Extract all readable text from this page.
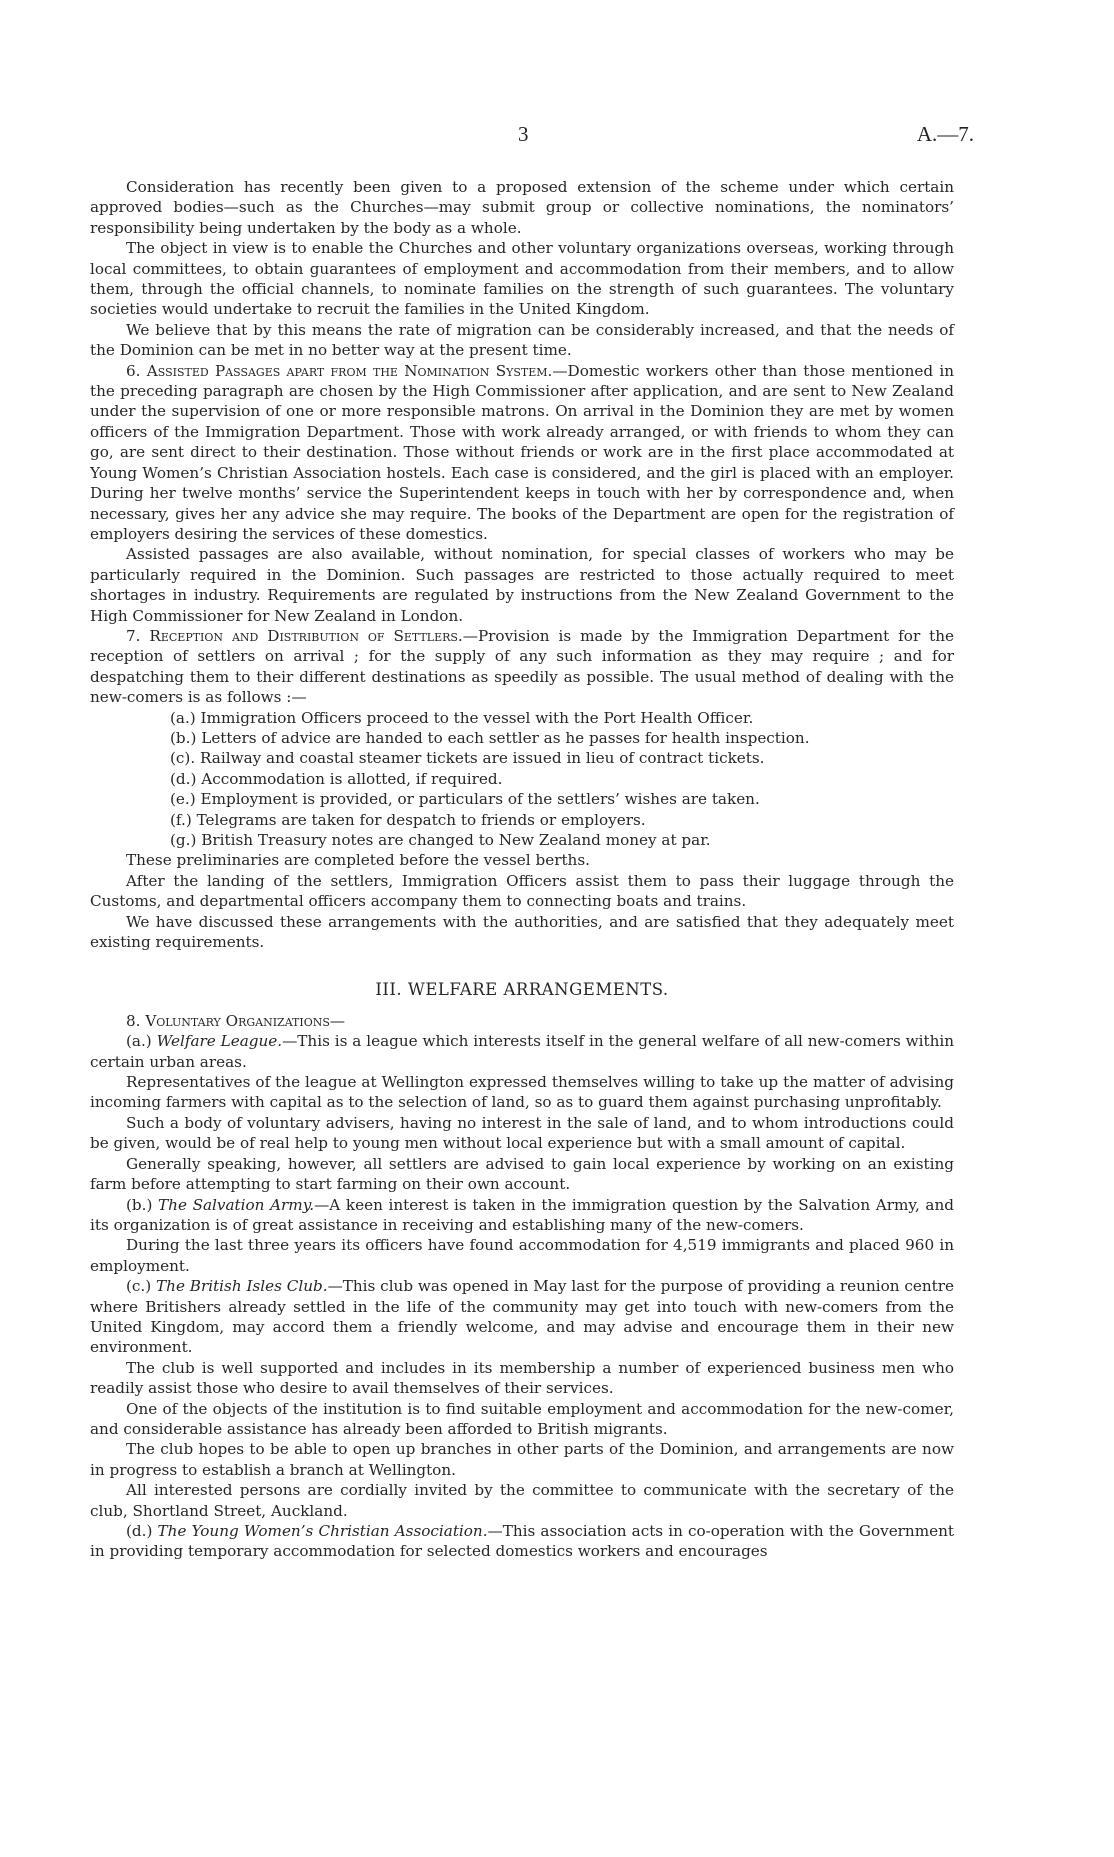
3	A.—7.

Consideration has recently been given to a proposed extension of the scheme under which certain approved bodies—such as the Churches—may submit group or collective nominations, the nominators’ responsibility being undertaken by the body as a whole.

The object in view is to enable the Churches and other voluntary organizations overseas, working through local committees, to obtain guarantees of employment and accommodation from their members, and to allow them, through the official channels, to nominate families on the strength of such guarantees. The voluntary societies would undertake to recruit the families in the United Kingdom.

We believe that by this means the rate of migration can be considerably increased, and that the needs of the Dominion can be met in no better way at the present time.

6. Assisted Passages apart from the Nomination System.—Domestic workers other than those mentioned in the preceding paragraph are chosen by the High Commissioner after application, and are sent to New Zealand under the supervision of one or more responsible matrons. On arrival in the Dominion they are met by women officers of the Immigration Department. Those with work already arranged, or with friends to whom they can go, are sent direct to their destination. Those without friends or work are in the first place accommodated at Young Women’s Christian Association hostels. Each case is considered, and the girl is placed with an employer. During her twelve months’ service the Superintendent keeps in touch with her by correspondence and, when necessary, gives her any advice she may require. The books of the Department are open for the registration of employers desiring the services of these domestics.

Assisted passages are also available, without nomination, for special classes of workers who may be particularly required in the Dominion. Such passages are restricted to those actually required to meet shortages in industry. Requirements are regulated by instructions from the New Zealand Government to the High Commissioner for New Zealand in London.

7. Reception and Distribution of Settlers.—Provision is made by the Immigration Department for the reception of settlers on arrival ; for the supply of any such information as they may require ; and for despatching them to their different destinations as speedily as possible. The usual method of dealing with the new-comers is as follows :—

(a.) Immigration Officers proceed to the vessel with the Port Health Officer.

(b.) Letters of advice are handed to each settler as he passes for health inspection.

(c). Railway and coastal steamer tickets are issued in lieu of contract tickets.

(d.) Accommodation is allotted, if required.

(e.) Employment is provided, or particulars of the settlers’ wishes are taken.

(f.) Telegrams are taken for despatch to friends or employers.

(g.) British Treasury notes are changed to New Zealand money at par.

These preliminaries are completed before the vessel berths.

After the landing of the settlers, Immigration Officers assist them to pass their luggage through the Customs, and departmental officers accompany them to connecting boats and trains.

We have discussed these arrangements with the authorities, and are satisfied that they adequately meet existing requirements.

III. WELFARE ARRANGEMENTS.

8. Voluntary Organizations—

(a.) Welfare League.—This is a league which interests itself in the general welfare of all new-comers within certain urban areas.

Representatives of the league at Wellington expressed themselves willing to take up the matter of advising incoming farmers with capital as to the selection of land, so as to guard them against purchasing unprofitably.

Such a body of voluntary advisers, having no interest in the sale of land, and to whom introductions could be given, would be of real help to young men without local experience but with a small amount of capital.

Generally speaking, however, all settlers are advised to gain local experience by working on an existing farm before attempting to start farming on their own account.

(b.) The Salvation Army.—A keen interest is taken in the immigration question by the Salvation Army, and its organization is of great assistance in receiving and establishing many of the new-comers.

During the last three years its officers have found accommodation for 4,519 immigrants and placed 960 in employment.

(c.) The British Isles Club.—This club was opened in May last for the purpose of providing a reunion centre where Britishers already settled in the life of the community may get into touch with new-comers from the United Kingdom, may accord them a friendly welcome, and may advise and encourage them in their new environment.

The club is well supported and includes in its membership a number of experienced business men who readily assist those who desire to avail themselves of their services.

One of the objects of the institution is to find suitable employment and accommodation for the new-comer, and considerable assistance has already been afforded to British migrants.

The club hopes to be able to open up branches in other parts of the Dominion, and arrangements are now in progress to establish a branch at Wellington.

All interested persons are cordially invited by the committee to communicate with the secretary of the club, Shortland Street, Auckland.

(d.) The Young Women’s Christian Association.—This association acts in co-operation with the Government in providing temporary accommodation for selected domestics workers and encourages
